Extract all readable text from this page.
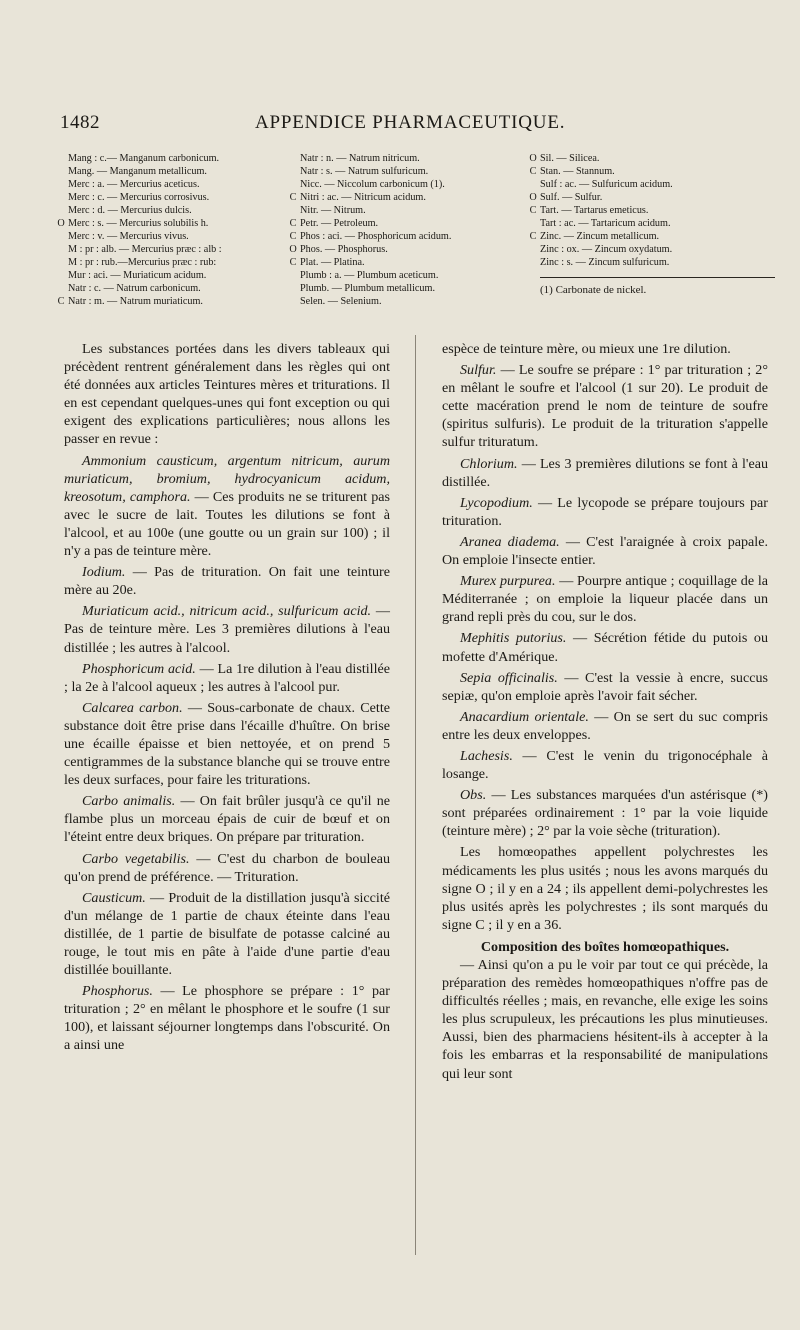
1482	APPENDICE PHARMACEUTIQUE.
Mang : c.— Manganum carbonicum.
Mang. — Manganum metallicum.
Merc : a. — Mercurius aceticus.
Merc : c. — Mercurius corrosivus.
Merc : d. — Mercurius dulcis.
O Merc : s. — Mercurius solubilis h.
Merc : v. — Mercurius vivus.
M : pr : alb. — Mercurius præc : alb :
M : pr : rub.—Mercurius præc : rub:
Mur : aci. — Muriaticum acidum.
Natr : c. — Natrum carbonicum.
C Natr : m. — Natrum muriaticum.
Natr : n. — Natrum nitricum.
Natr : s. — Natrum sulfuricum.
Nicc. — Niccolum carbonicum (1).
C Nitri : ac. — Nitricum acidum.
Nitr. — Nitrum.
C Petr. — Petroleum.
C Phos : aci. — Phosphoricum acidum.
O Phos. — Phosphorus.
C Plat. — Platina.
Plumb : a. — Plumbum aceticum.
Plumb. — Plumbum metallicum.
Selen. — Selenium.
O Sil. — Silicea.
C Stan. — Stannum.
Sulf : ac. — Sulfuricum acidum.
O Sulf. — Sulfur.
C Tart. — Tartarus emeticus.
Tart : ac. — Tartaricum acidum.
C Zinc. — Zincum metallicum.
Zinc : ox. — Zincum oxydatum.
Zinc : s. — Zincum sulfuricum.
(1) Carbonate de nickel.

Les substances portées dans les divers tableaux qui précèdent rentrent généralement dans les règles qui ont été données aux articles Teintures mères et triturations. Il en est cependant quelques-unes qui font exception ou qui exigent des explications particulières; nous allons les passer en revue :

Ammonium causticum, argentum nitricum, aurum muriaticum, bromium, hydrocyanicum acidum, kreosotum, camphora. — Ces produits ne se triturent pas avec le sucre de lait. Toutes les dilutions se font à l'alcool, et au 100e (une goutte ou un grain sur 100) ; il n'y a pas de teinture mère.

Iodium. — Pas de trituration. On fait une teinture mère au 20e.

Muriaticum acid., nitricum acid., sulfuricum acid. — Pas de teinture mère. Les 3 premières dilutions à l'eau distillée ; les autres à l'alcool.

Phosphoricum acid. — La 1re dilution à l'eau distillée ; la 2e à l'alcool aqueux ; les autres à l'alcool pur.

Calcarea carbon. — Sous-carbonate de chaux. Cette substance doit être prise dans l'écaille d'huître. On brise une écaille épaisse et bien nettoyée, et on prend 5 centigrammes de la substance blanche qui se trouve entre les deux surfaces, pour faire les triturations.

Carbo animalis. — On fait brûler jusqu'à ce qu'il ne flambe plus un morceau épais de cuir de bœuf et on l'éteint entre deux briques. On prépare par trituration.

Carbo vegetabilis. — C'est du charbon de bouleau qu'on prend de préférence. — Trituration.

Causticum. — Produit de la distillation jusqu'à siccité d'un mélange de 1 partie de chaux éteinte dans l'eau distillée, de 1 partie de bisulfate de potasse calciné au rouge, le tout mis en pâte à l'aide d'une partie d'eau distillée bouillante.

Phosphorus. — Le phosphore se prépare : 1° par trituration ; 2° en mêlant le phosphore et le soufre (1 sur 100), et laissant séjourner longtemps dans l'obscurité. On a ainsi une

espèce de teinture mère, ou mieux une 1re dilution.

Sulfur. — Le soufre se prépare : 1° par trituration ; 2° en mêlant le soufre et l'alcool (1 sur 20). Le produit de cette macération prend le nom de teinture de soufre (spiritus sulfuris). Le produit de la trituration s'appelle sulfur trituratum.

Chlorium. — Les 3 premières dilutions se font à l'eau distillée.

Lycopodium. — Le lycopode se prépare toujours par trituration.

Aranea diadema. — C'est l'araignée à croix papale. On emploie l'insecte entier.

Murex purpurea. — Pourpre antique ; coquillage de la Méditerranée ; on emploie la liqueur placée dans un grand repli près du cou, sur le dos.

Mephitis putorius. — Sécrétion fétide du putois ou mofette d'Amérique.

Sepia officinalis. — C'est la vessie à encre, succus sepiæ, qu'on emploie après l'avoir fait sécher.

Anacardium orientale. — On se sert du suc compris entre les deux enveloppes.

Lachesis. — C'est le venin du trigonocéphale à losange.

Obs. — Les substances marquées d'un astérisque (*) sont préparées ordinairement : 1° par la voie liquide (teinture mère) ; 2° par la voie sèche (trituration).

Les homœopathes appellent polychrestes les médicaments les plus usités ; nous les avons marqués du signe O ; il y en a 24 ; ils appellent demi-polychrestes les plus usités après les polychrestes ; ils sont marqués du signe C ; il y en a 36.

Composition des boîtes homœopathiques.

— Ainsi qu'on a pu le voir par tout ce qui précède, la préparation des remèdes homœopathiques n'offre pas de difficultés réelles ; mais, en revanche, elle exige les soins les plus scrupuleux, les précautions les plus minutieuses. Aussi, bien des pharmaciens hésitent-ils à accepter à la fois les embarras et la responsabilité de manipulations qui leur sont
